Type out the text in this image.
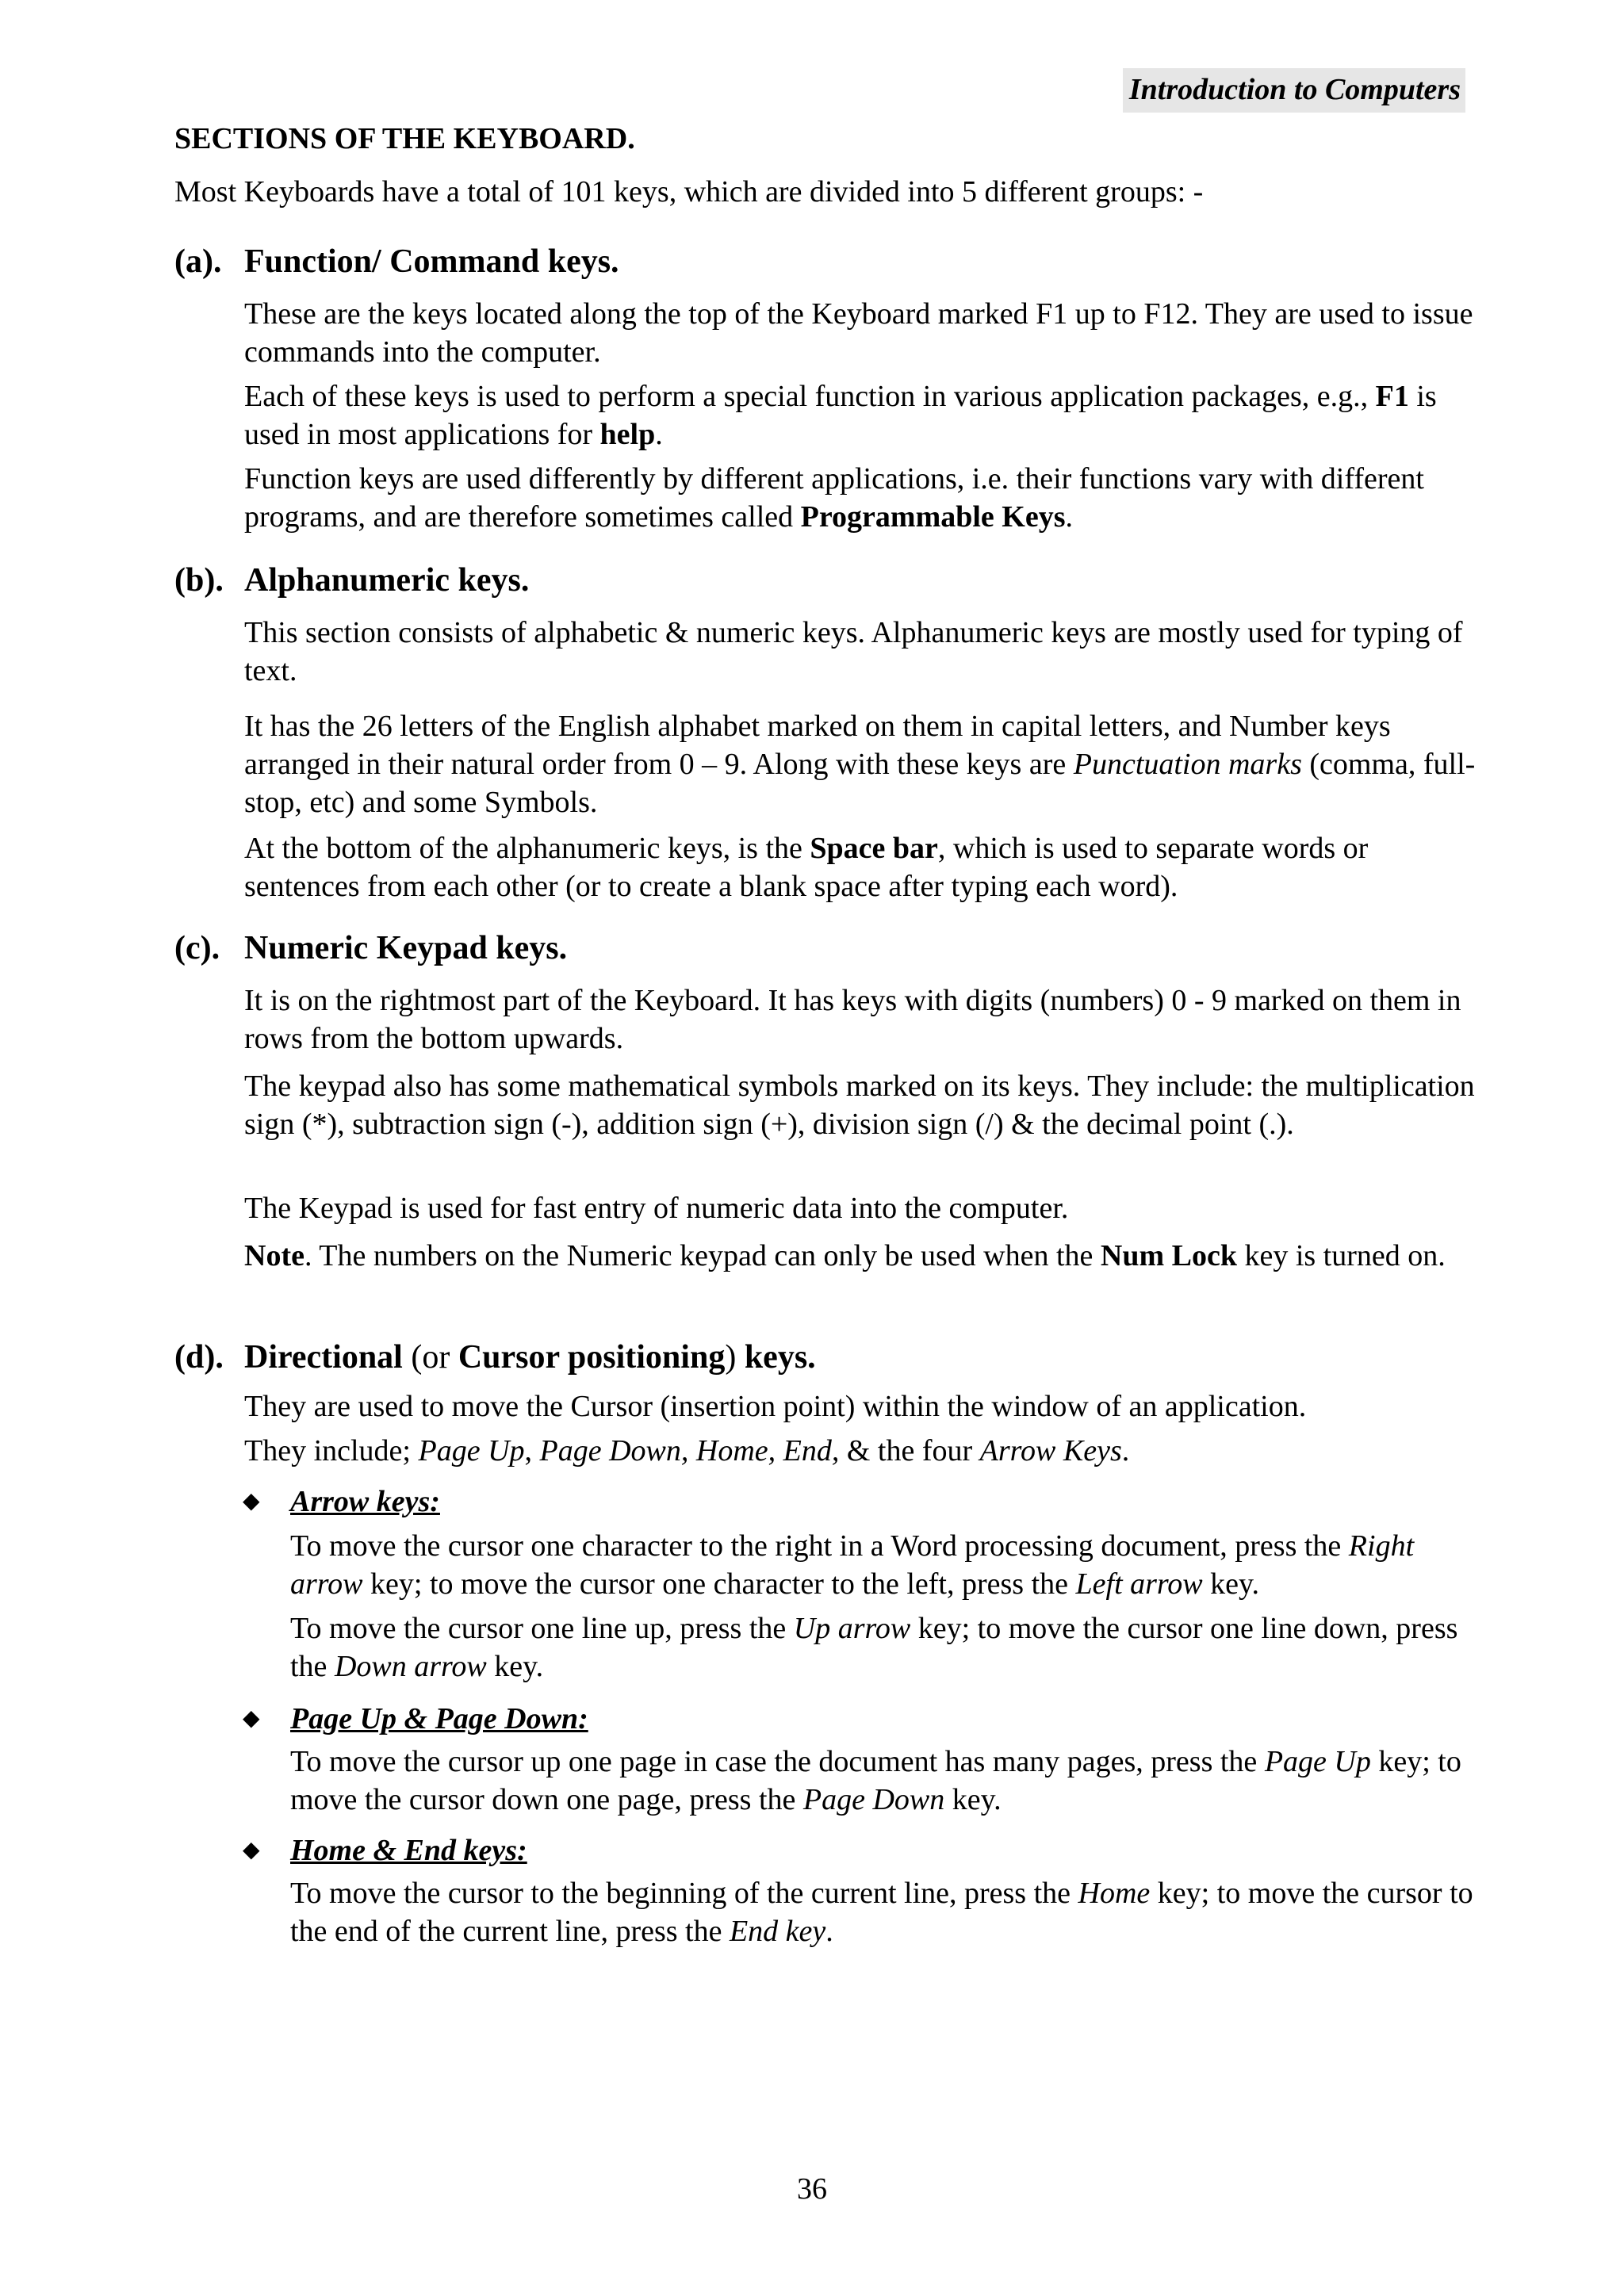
Introduction to Computers
SECTIONS OF THE KEYBOARD.
Most Keyboards have a total of 101 keys, which are divided into 5 different groups: -
(a). Function/ Command keys.
These are the keys located along the top of the Keyboard marked F1 up to F12. They are used to issue commands into the computer.
Each of these keys is used to perform a special function in various application packages, e.g., F1 is used in most applications for help.
Function keys are used differently by different applications, i.e. their functions vary with different programs, and are therefore sometimes called Programmable Keys.
(b). Alphanumeric keys.
This section consists of alphabetic & numeric keys. Alphanumeric keys are mostly used for typing of text.
It has the 26 letters of the English alphabet marked on them in capital letters, and Number keys arranged in their natural order from 0 – 9. Along with these keys are Punctuation marks (comma, full-stop, etc) and some Symbols.
At the bottom of the alphanumeric keys, is the Space bar, which is used to separate words or sentences from each other (or to create a blank space after typing each word).
(c). Numeric Keypad keys.
It is on the rightmost part of the Keyboard. It has keys with digits (numbers) 0 - 9 marked on them in rows from the bottom upwards.
The keypad also has some mathematical symbols marked on its keys. They include: the multiplication sign (*), subtraction sign (-), addition sign (+), division sign (/) & the decimal point (.).
The Keypad is used for fast entry of numeric data into the computer.
Note. The numbers on the Numeric keypad can only be used when the Num Lock key is turned on.
(d). Directional (or Cursor positioning) keys.
They are used to move the Cursor (insertion point) within the window of an application.
They include; Page Up, Page Down, Home, End, & the four Arrow Keys.
◆ Arrow keys:
To move the cursor one character to the right in a Word processing document, press the Right arrow key; to move the cursor one character to the left, press the Left arrow key.
To move the cursor one line up, press the Up arrow key; to move the cursor one line down, press the Down arrow key.
◆ Page Up & Page Down:
To move the cursor up one page in case the document has many pages, press the Page Up key; to move the cursor down one page, press the Page Down key.
◆ Home & End keys:
To move the cursor to the beginning of the current line, press the Home key; to move the cursor to the end of the current line, press the End key.
36
